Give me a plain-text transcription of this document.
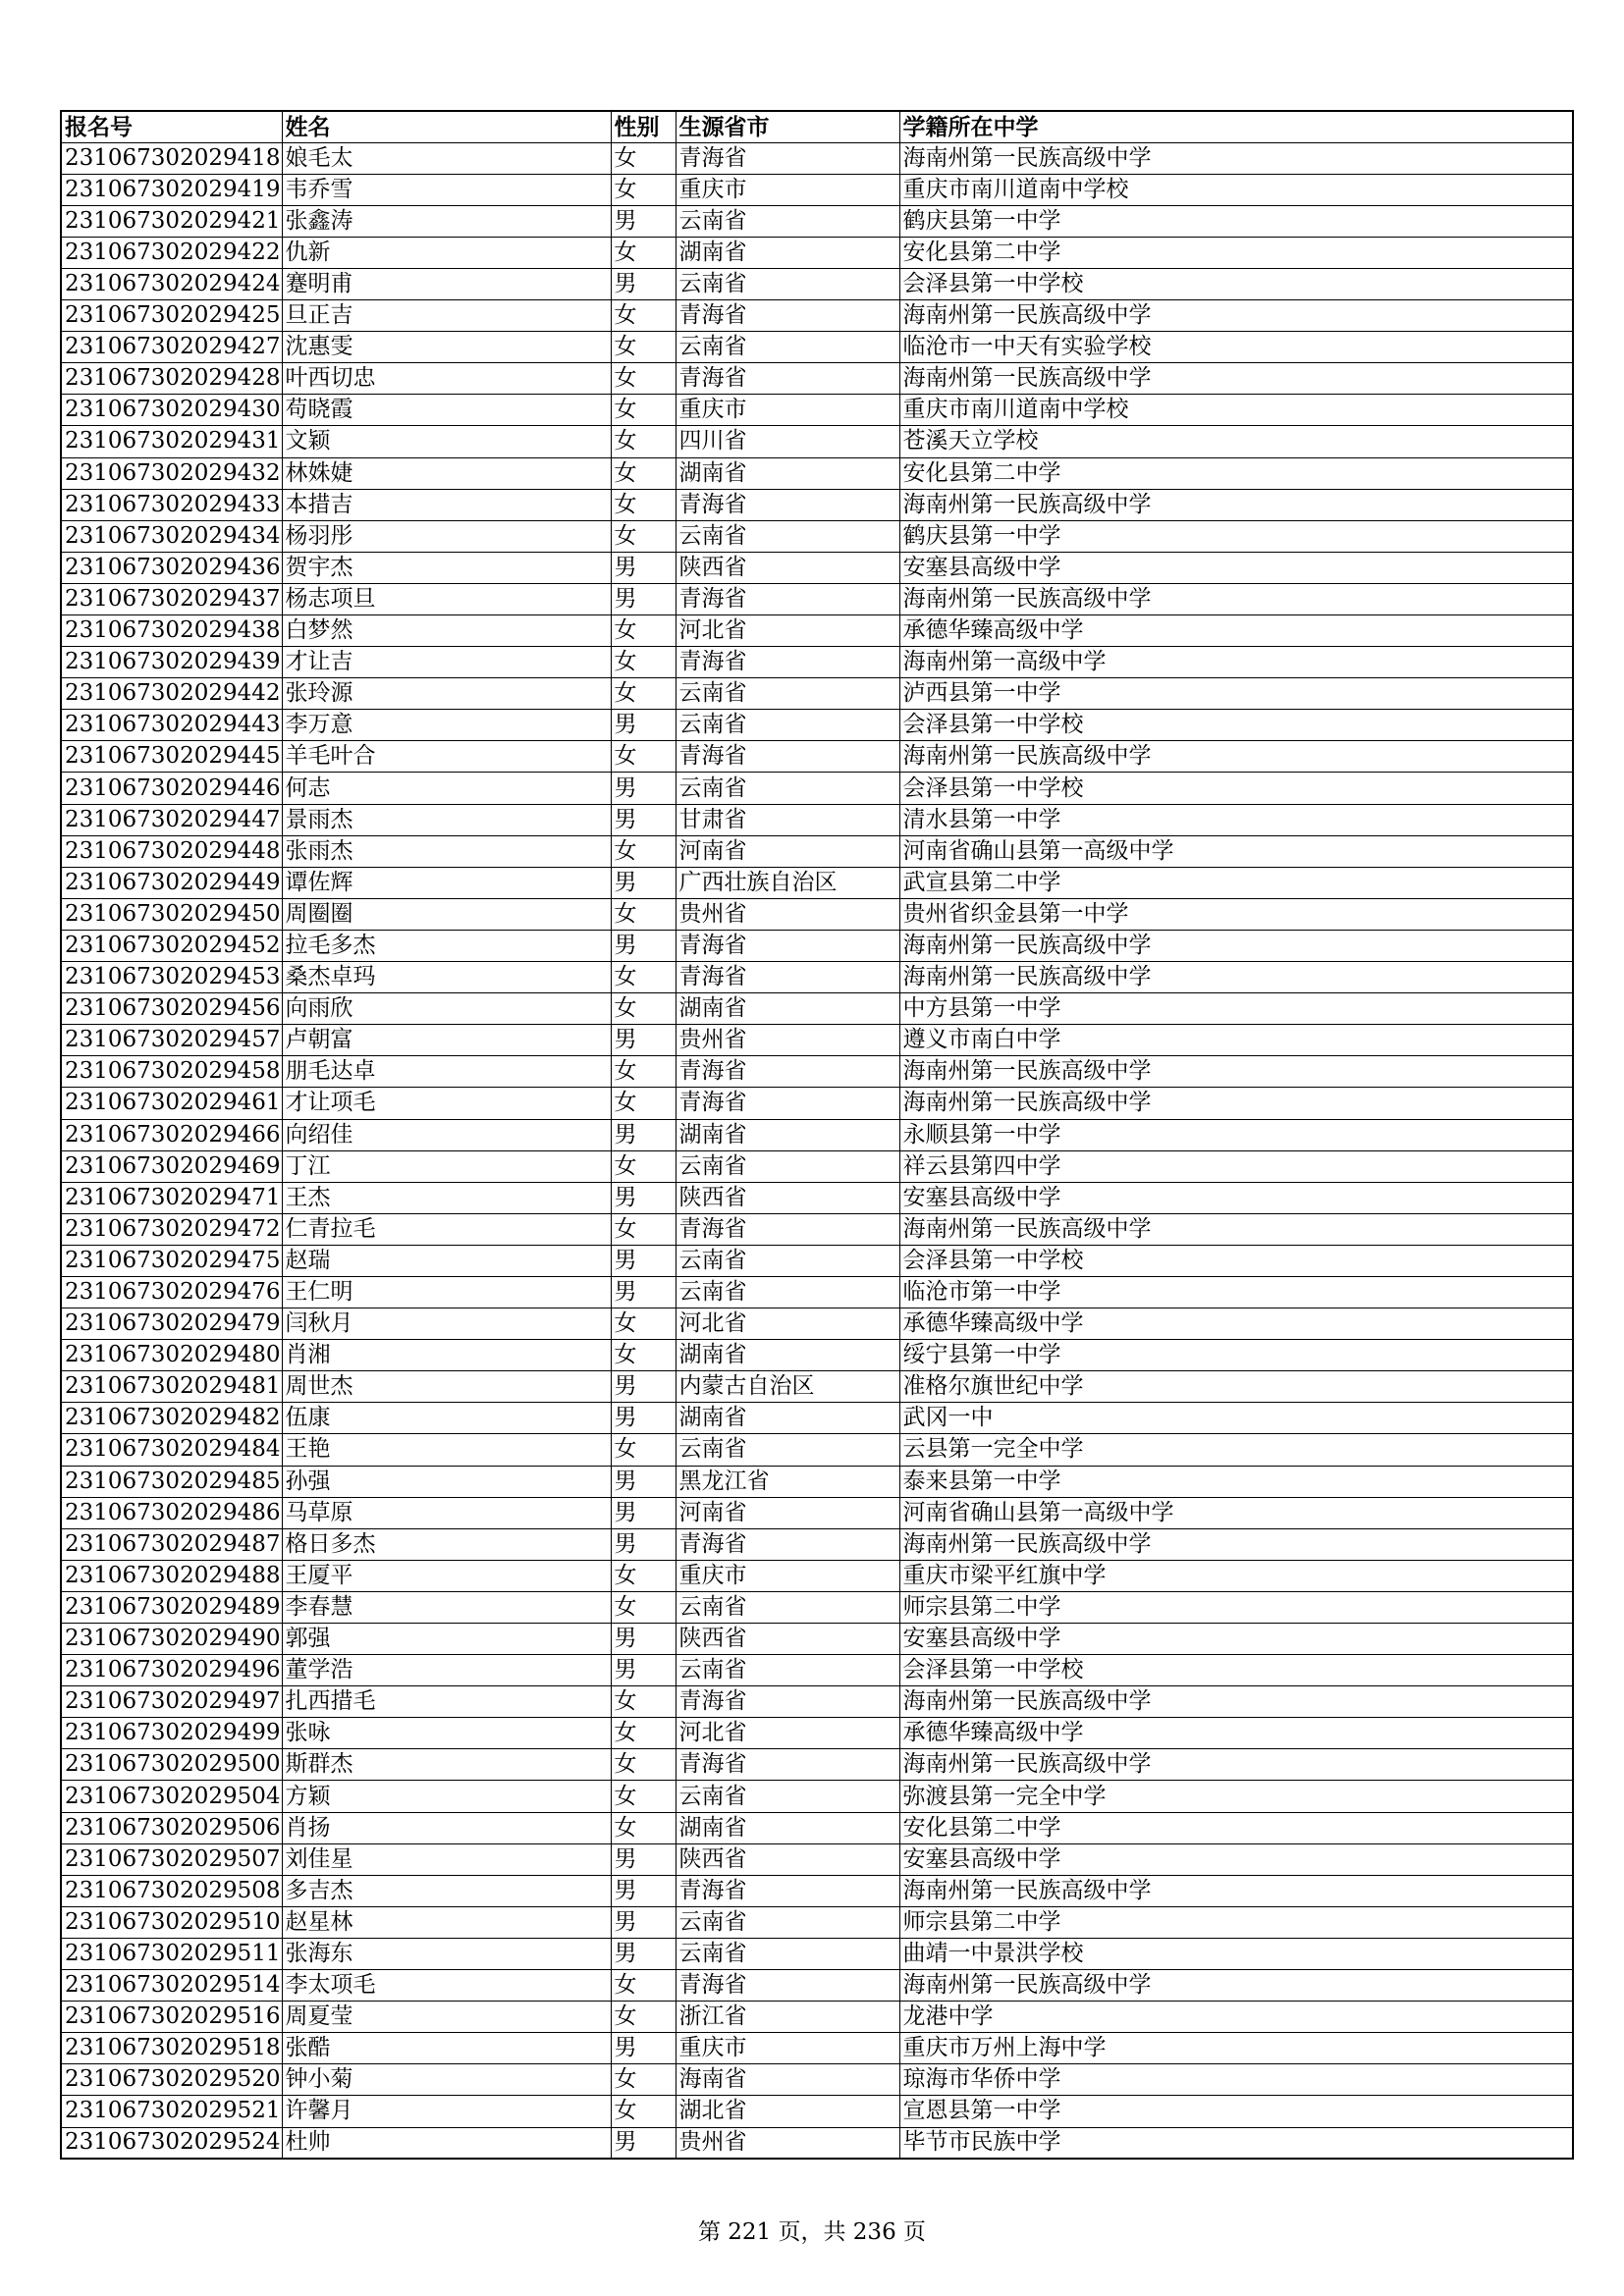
报名号	姓名	性别	生源省市	学籍所在中学
231067302029418	娘毛太	女	青海省	海南州第一民族高级中学
231067302029419	韦乔雪	女	重庆市	重庆市南川道南中学校
231067302029421	张鑫涛	男	云南省	鹤庆县第一中学
231067302029422	仇新	女	湖南省	安化县第二中学
231067302029424	蹇明甫	男	云南省	会泽县第一中学校
231067302029425	旦正吉	女	青海省	海南州第一民族高级中学
231067302029427	沈惠雯	女	云南省	临沧市一中天有实验学校
231067302029428	叶西切忠	女	青海省	海南州第一民族高级中学
231067302029430	苟晓霞	女	重庆市	重庆市南川道南中学校
231067302029431	文颖	女	四川省	苍溪天立学校
231067302029432	林姝婕	女	湖南省	安化县第二中学
231067302029433	本措吉	女	青海省	海南州第一民族高级中学
231067302029434	杨羽彤	女	云南省	鹤庆县第一中学
231067302029436	贺宇杰	男	陕西省	安塞县高级中学
231067302029437	杨志项旦	男	青海省	海南州第一民族高级中学
231067302029438	白梦然	女	河北省	承德华臻高级中学
231067302029439	才让吉	女	青海省	海南州第一高级中学
231067302029442	张玲源	女	云南省	泸西县第一中学
231067302029443	李万意	男	云南省	会泽县第一中学校
231067302029445	羊毛叶合	女	青海省	海南州第一民族高级中学
231067302029446	何志	男	云南省	会泽县第一中学校
231067302029447	景雨杰	男	甘肃省	清水县第一中学
231067302029448	张雨杰	女	河南省	河南省确山县第一高级中学
231067302029449	谭佐辉	男	广西壮族自治区	武宣县第二中学
231067302029450	周圈圈	女	贵州省	贵州省织金县第一中学
231067302029452	拉毛多杰	男	青海省	海南州第一民族高级中学
231067302029453	桑杰卓玛	女	青海省	海南州第一民族高级中学
231067302029456	向雨欣	女	湖南省	中方县第一中学
231067302029457	卢朝富	男	贵州省	遵义市南白中学
231067302029458	朋毛达卓	女	青海省	海南州第一民族高级中学
231067302029461	才让项毛	女	青海省	海南州第一民族高级中学
231067302029466	向绍佳	男	湖南省	永顺县第一中学
231067302029469	丁江	女	云南省	祥云县第四中学
231067302029471	王杰	男	陕西省	安塞县高级中学
231067302029472	仁青拉毛	女	青海省	海南州第一民族高级中学
231067302029475	赵瑞	男	云南省	会泽县第一中学校
231067302029476	王仁明	男	云南省	临沧市第一中学
231067302029479	闫秋月	女	河北省	承德华臻高级中学
231067302029480	肖湘	女	湖南省	绥宁县第一中学
231067302029481	周世杰	男	内蒙古自治区	准格尔旗世纪中学
231067302029482	伍康	男	湖南省	武冈一中
231067302029484	王艳	女	云南省	云县第一完全中学
231067302029485	孙强	男	黑龙江省	泰来县第一中学
231067302029486	马草原	男	河南省	河南省确山县第一高级中学
231067302029487	格日多杰	男	青海省	海南州第一民族高级中学
231067302029488	王厦平	女	重庆市	重庆市梁平红旗中学
231067302029489	李春慧	女	云南省	师宗县第二中学
231067302029490	郭强	男	陕西省	安塞县高级中学
231067302029496	董学浩	男	云南省	会泽县第一中学校
231067302029497	扎西措毛	女	青海省	海南州第一民族高级中学
231067302029499	张咏	女	河北省	承德华臻高级中学
231067302029500	斯群杰	女	青海省	海南州第一民族高级中学
231067302029504	方颖	女	云南省	弥渡县第一完全中学
231067302029506	肖扬	女	湖南省	安化县第二中学
231067302029507	刘佳星	男	陕西省	安塞县高级中学
231067302029508	多吉杰	男	青海省	海南州第一民族高级中学
231067302029510	赵星林	男	云南省	师宗县第二中学
231067302029511	张海东	男	云南省	曲靖一中景洪学校
231067302029514	李太项毛	女	青海省	海南州第一民族高级中学
231067302029516	周夏莹	女	浙江省	龙港中学
231067302029518	张酷	男	重庆市	重庆市万州上海中学
231067302029520	钟小菊	女	海南省	琼海市华侨中学
231067302029521	许馨月	女	湖北省	宣恩县第一中学
231067302029524	杜帅	男	贵州省	毕节市民族中学
第 221 页，共 236 页
